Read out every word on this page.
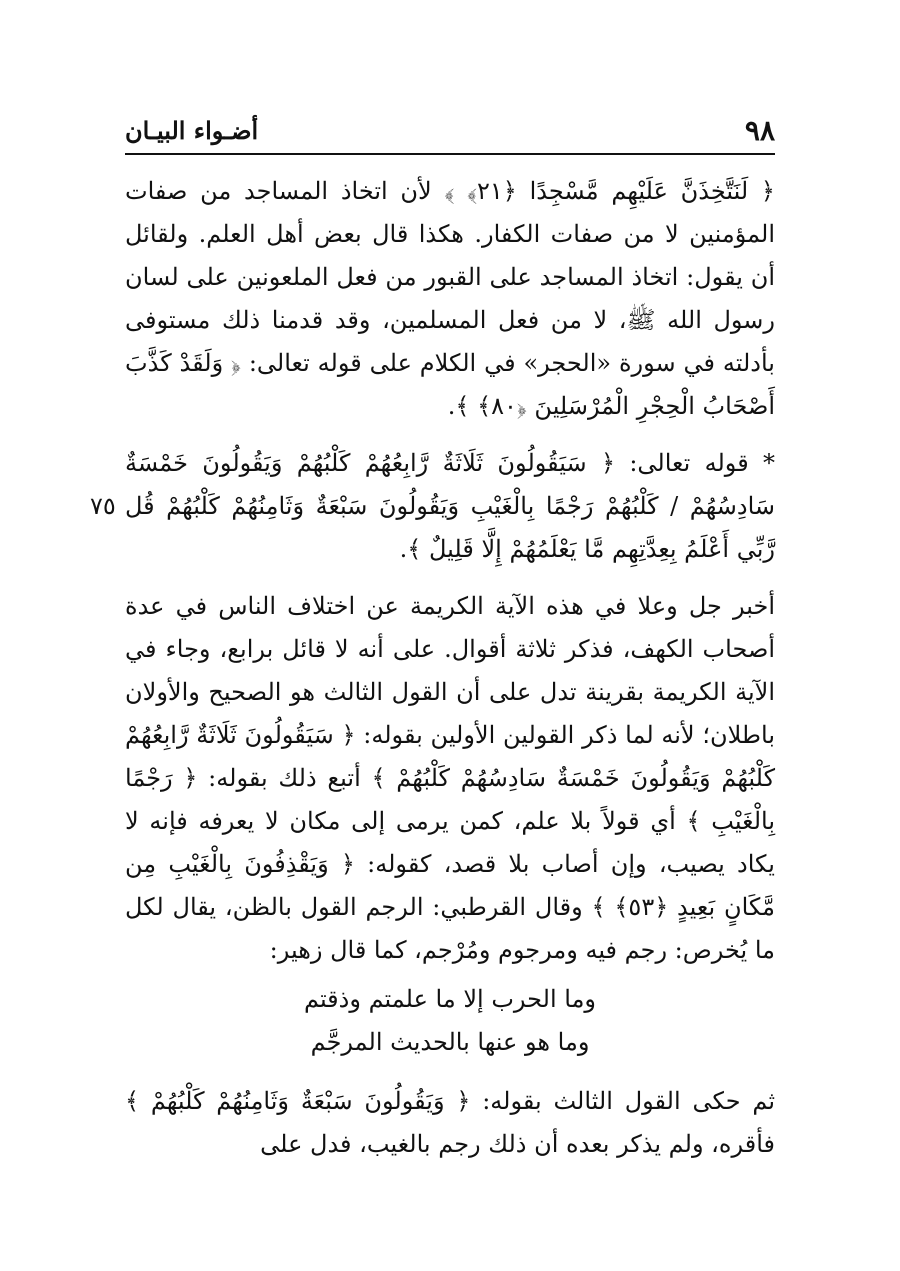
٩٨
أضـواء البيـان
٧٥

﴿ لَنَتَّخِذَنَّ عَلَيْهِم مَّسْجِدًا ﴿٢١﴾ ﴾ لأن اتخاذ المساجد من صفات المؤمنين لا من صفات الكفار. هكذا قال بعض أهل العلم. ولقائل أن يقول: اتخاذ المساجد على القبور من فعل الملعونين على لسان رسول الله ﷺ، لا من فعل المسلمين، وقد قدمنا ذلك مستوفى بأدلته في سورة «الحجر» في الكلام على قوله تعالى: ﴿ وَلَقَدْ كَذَّبَ أَصْحَابُ الْحِجْرِ الْمُرْسَلِينَ ﴿٨٠﴾ ﴾.

* قوله تعالى: ﴿ سَيَقُولُونَ ثَلَاثَةٌ رَّابِعُهُمْ كَلْبُهُمْ وَيَقُولُونَ خَمْسَةٌ سَادِسُهُمْ / كَلْبُهُمْ رَجْمًا بِالْغَيْبِ وَيَقُولُونَ سَبْعَةٌ وَثَامِنُهُمْ كَلْبُهُمْ قُل رَّبِّي أَعْلَمُ بِعِدَّتِهِم مَّا يَعْلَمُهُمْ إِلَّا قَلِيلٌ ﴾.

أخبر جل وعلا في هذه الآية الكريمة عن اختلاف الناس في عدة أصحاب الكهف، فذكر ثلاثة أقوال. على أنه لا قائل برابع، وجاء في الآية الكريمة بقرينة تدل على أن القول الثالث هو الصحيح والأولان باطلان؛ لأنه لما ذكر القولين الأولين بقوله: ﴿ سَيَقُولُونَ ثَلَاثَةٌ رَّابِعُهُمْ كَلْبُهُمْ وَيَقُولُونَ خَمْسَةٌ سَادِسُهُمْ كَلْبُهُمْ ﴾ أتبع ذلك بقوله: ﴿ رَجْمًا بِالْغَيْبِ ﴾ أي قولاً بلا علم، كمن يرمى إلى مكان لا يعرفه فإنه لا يكاد يصيب، وإن أصاب بلا قصد، كقوله: ﴿ وَيَقْذِفُونَ بِالْغَيْبِ مِن مَّكَانٍ بَعِيدٍ ﴿٥٣﴾ ﴾ وقال القرطبي: الرجم القول بالظن، يقال لكل ما يُخرص: رجم فيه ومرجوم ومُرْجم، كما قال زهير:

وما الحرب إلا ما علمتم وذقتم وما هو عنها بالحديث المرجَّم

ثم حكى القول الثالث بقوله: ﴿ وَيَقُولُونَ سَبْعَةٌ وَثَامِنُهُمْ كَلْبُهُمْ ﴾ فأقره، ولم يذكر بعده أن ذلك رجم بالغيب، فدل على
